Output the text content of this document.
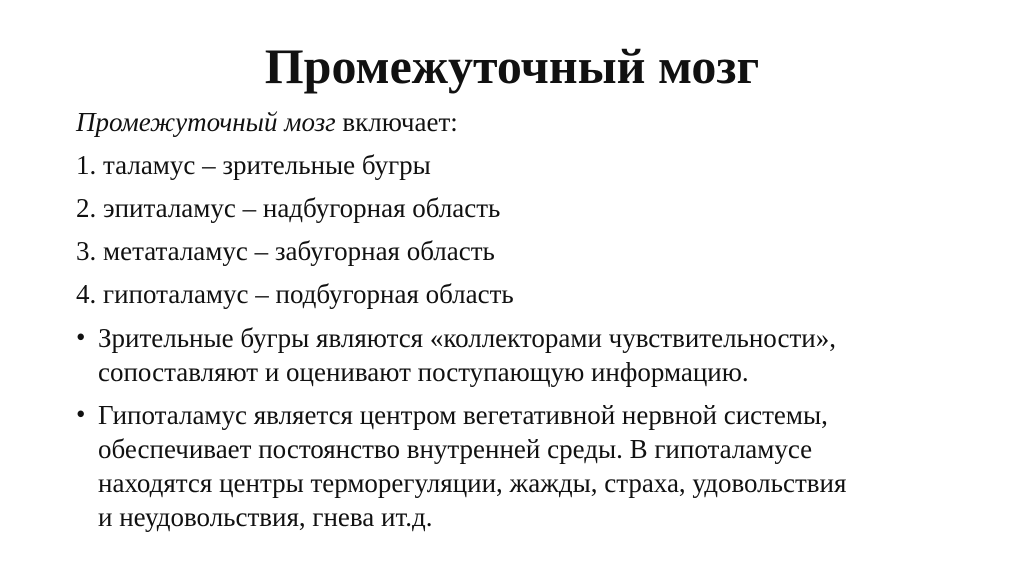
Промежуточный мозг
Промежуточный мозг включает:
1. таламус – зрительные бугры
2. эпиталамус – надбугорная область
3. метаталамус – забугорная область
4. гипоталамус – подбугорная область
• Зрительные бугры являются «коллекторами чувствительности»,
сопоставляют и оценивают поступающую информацию.
• Гипоталамус является центром вегетативной нервной системы,
обеспечивает постоянство внутренней среды. В гипоталамусе
находятся центры терморегуляции, жажды, страха, удовольствия
и неудовольствия, гнева ит.д.
